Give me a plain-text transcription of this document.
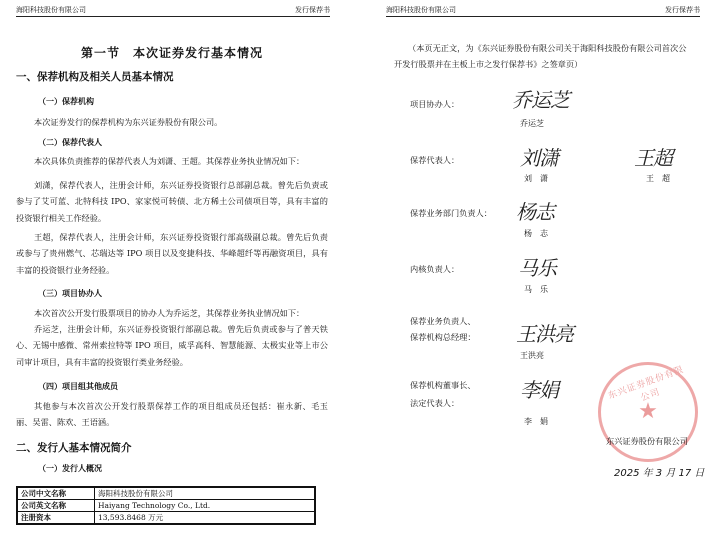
海阳科技股份有限公司	发行保荐书
第一节　本次证券发行基本情况
一、保荐机构及相关人员基本情况
（一）保荐机构
本次证券发行的保荐机构为东兴证券股份有限公司。
（二）保荐代表人
本次具体负责推荐的保荐代表人为刘潇、王超。其保荐业务执业情况如下：
刘潇，保荐代表人，注册会计师，东兴证券投资银行总部副总裁。曾先后负责或参与了艾可蓝、北特科技 IPO、家家悦可转债、北方稀土公司债项目等，具有丰富的投资银行相关工作经验。
王超，保荐代表人，注册会计师，东兴证券投资银行部高级副总裁。曾先后负责或参与了贵州燃气、芯瑞达等 IPO 项目以及变捷科技、华峰超纤等再融资项目，具有丰富的投资银行业务经验。
（三）项目协办人
本次首次公开发行股票项目的协办人为乔运芝，其保荐业务执业情况如下：
乔运芝，注册会计师，东兴证券投资银行部副总裁。曾先后负责或参与了普天铁心、无锡中感微、常州索拉特等 IPO 项目，威孚高科、智慧能源、太极实业等上市公司审计项目，具有丰富的投资银行类业务经验。
（四）项目组其他成员
其他参与本次首次公开发行股票保荐工作的项目组成员还包括：崔永新、毛玉丽、吴雷、陈欢、王语涵。
二、发行人基本情况简介
（一）发行人概况
公司中文名称	海阳科技股份有限公司
公司英文名称	Haiyang Technology Co., Ltd.
注册资本	13,593.8468 万元
海阳科技股份有限公司	发行保荐书
（本页无正文，为《东兴证券股份有限公司关于海阳科技股份有限公司首次公开发行股票并在主板上市之发行保荐书》之签章页）
项目协办人：	乔运芝
乔运芝
保荐代表人：	刘潇	王超
刘　潇	王　超
保荐业务部门负责人： 杨志
杨　志
内核负责人：	马乐
马　乐
保荐业务负责人、
保荐机构总经理： 王洪亮
王洪亮
保荐机构董事长、
法定代表人：
李娟
李　娟
东兴证券股份有限公司
★
东兴证券股份有限公司
2025 年 3 月 17 日
